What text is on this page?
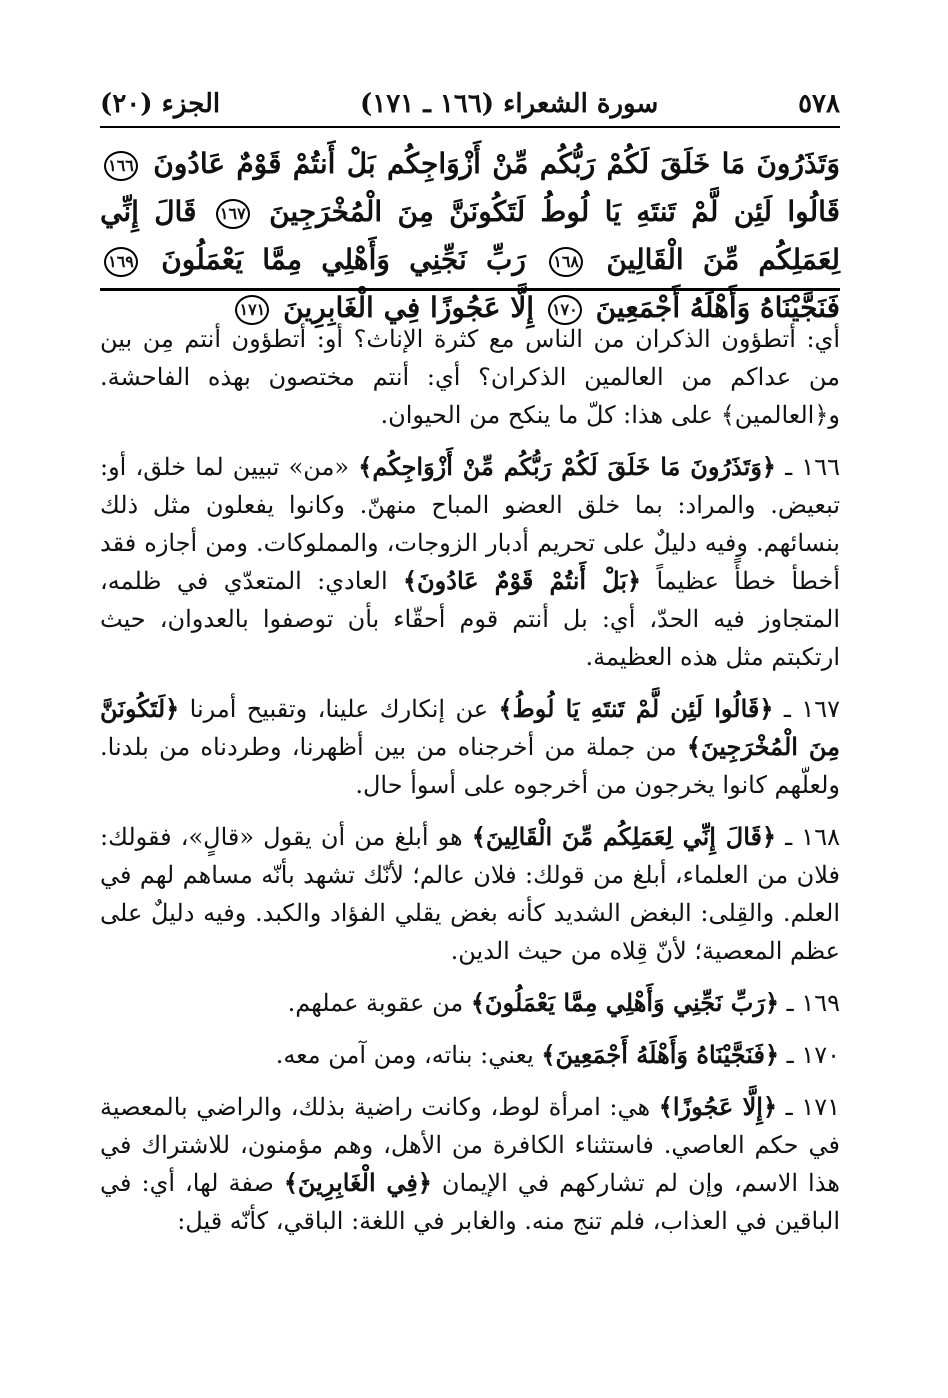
٥٧٨
سورة الشعراء (١٦٦ ـ ١٧١)
الجزء (٢٠)
وَتَذَرُونَ مَا خَلَقَ لَكُمْ رَبُّكُم مِّنْ أَزْوَاجِكُم بَلْ أَنتُمْ قَوْمٌ عَادُونَ ١٦٦ قَالُوا لَئِن لَّمْ تَنتَهِ يَا لُوطُ لَتَكُونَنَّ مِنَ الْمُخْرَجِينَ ١٦٧ قَالَ إِنِّي لِعَمَلِكُم مِّنَ الْقَالِينَ ١٦٨ رَبِّ نَجِّنِي وَأَهْلِي مِمَّا يَعْمَلُونَ ١٦٩ فَنَجَّيْنَاهُ وَأَهْلَهُ أَجْمَعِينَ ١٧٠ إِلَّا عَجُوزًا فِي الْغَابِرِينَ ١٧١

أي: أتطؤون الذكران من الناس مع كثرة الإناث؟ أو: أتطؤون أنتم مِن بين من عداكم من العالمين الذكران؟ أي: أنتم مختصون بهذه الفاحشة. و﴿العالمين﴾ على هذا: كلّ ما ينكح من الحيوان.

١٦٦ ـ ﴿وَتَذَرُونَ مَا خَلَقَ لَكُمْ رَبُّكُم مِّنْ أَزْوَاجِكُم﴾ «من» تبيين لما خلق، أو: تبعيض. والمراد: بما خلق العضو المباح منهنّ. وكانوا يفعلون مثل ذلك بنسائهم. وفيه دليلٌ على تحريم أدبار الزوجات، والمملوكات. ومن أجازه فقد أخطأ خطأً عظيماً ﴿بَلْ أَنتُمْ قَوْمٌ عَادُونَ﴾ العادي: المتعدّي في ظلمه، المتجاوز فيه الحدّ، أي: بل أنتم قوم أحقّاء بأن توصفوا بالعدوان، حيث ارتكبتم مثل هذه العظيمة.

١٦٧ ـ ﴿قَالُوا لَئِن لَّمْ تَنتَهِ يَا لُوطُ﴾ عن إنكارك علينا، وتقبيح أمرنا ﴿لَتَكُونَنَّ مِنَ الْمُخْرَجِينَ﴾ من جملة من أخرجناه من بين أظهرنا، وطردناه من بلدنا. ولعلّهم كانوا يخرجون من أخرجوه على أسوأ حال.

١٦٨ ـ ﴿قَالَ إِنِّي لِعَمَلِكُم مِّنَ الْقَالِينَ﴾ هو أبلغ من أن يقول «قالٍ»، فقولك: فلان من العلماء، أبلغ من قولك: فلان عالم؛ لأنّك تشهد بأنّه مساهم لهم في العلم. والقِلى: البغض الشديد كأنه بغض يقلي الفؤاد والكبد. وفيه دليلٌ على عظم المعصية؛ لأنّ قِلاه من حيث الدين.

١٦٩ ـ ﴿رَبِّ نَجِّنِي وَأَهْلِي مِمَّا يَعْمَلُونَ﴾ من عقوبة عملهم.

١٧٠ ـ ﴿فَنَجَّيْنَاهُ وَأَهْلَهُ أَجْمَعِينَ﴾ يعني: بناته، ومن آمن معه.

١٧١ ـ ﴿إِلَّا عَجُوزًا﴾ هي: امرأة لوط، وكانت راضية بذلك، والراضي بالمعصية في حكم العاصي. فاستثناء الكافرة من الأهل، وهم مؤمنون، للاشتراك في هذا الاسم، وإن لم تشاركهم في الإيمان ﴿فِي الْغَابِرِينَ﴾ صفة لها، أي: في الباقين في العذاب، فلم تنج منه. والغابر في اللغة: الباقي، كأنّه قيل:
